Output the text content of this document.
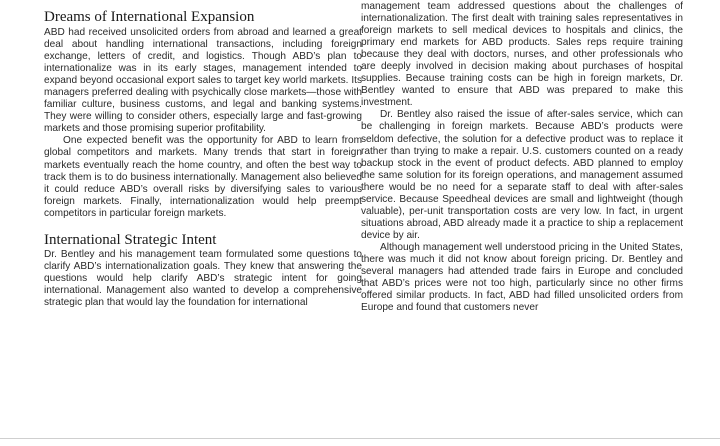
Dreams of International Expansion

ABD had received unsolicited orders from abroad and learned a great deal about handling international transactions, including foreign exchange, letters of credit, and logistics. Though ABD’s plan to internationalize was in its early stages, management intended to expand beyond occasional export sales to target key world markets. Its managers preferred dealing with psychically close markets—those with familiar culture, business customs, and legal and banking systems. They were willing to consider others, especially large and fast-growing markets and those promising superior profitability.

One expected benefit was the opportunity for ABD to learn from global competitors and markets. Many trends that start in foreign markets eventually reach the home country, and often the best way to track them is to do business internationally. Management also believed it could reduce ABD’s overall risks by diversifying sales to various foreign markets. Finally, internationalization would help preempt competitors in particular foreign markets.

International Strategic Intent

Dr. Bentley and his management team formulated some questions to clarify ABD’s internationalization goals. They knew that answering the questions would help clarify ABD’s strategic intent for going international. Management also wanted to develop a comprehensive strategic plan that would lay the foundation for international

management team addressed questions about the challenges of internationalization. The first dealt with training sales representatives in foreign markets to sell medical devices to hospitals and clinics, the primary end markets for ABD products. Sales reps require training because they deal with doctors, nurses, and other professionals who are deeply involved in decision making about purchases of hospital supplies. Because training costs can be high in foreign markets, Dr. Bentley wanted to ensure that ABD was prepared to make this investment.

Dr. Bentley also raised the issue of after-sales service, which can be challenging in foreign markets. Because ABD’s products were seldom defective, the solution for a defective product was to replace it rather than trying to make a repair. U.S. customers counted on a ready backup stock in the event of product defects. ABD planned to employ the same solution for its foreign operations, and management assumed there would be no need for a separate staff to deal with after-sales service. Because Speedheal devices are small and lightweight (though valuable), per-unit transportation costs are very low. In fact, in urgent situations abroad, ABD already made it a practice to ship a replacement device by air.

Although management well understood pricing in the United States, there was much it did not know about foreign pricing. Dr. Bentley and several managers had attended trade fairs in Europe and concluded that ABD’s prices were not too high, particularly since no other firms offered similar products. In fact, ABD had filled unsolicited orders from Europe and found that customers never
